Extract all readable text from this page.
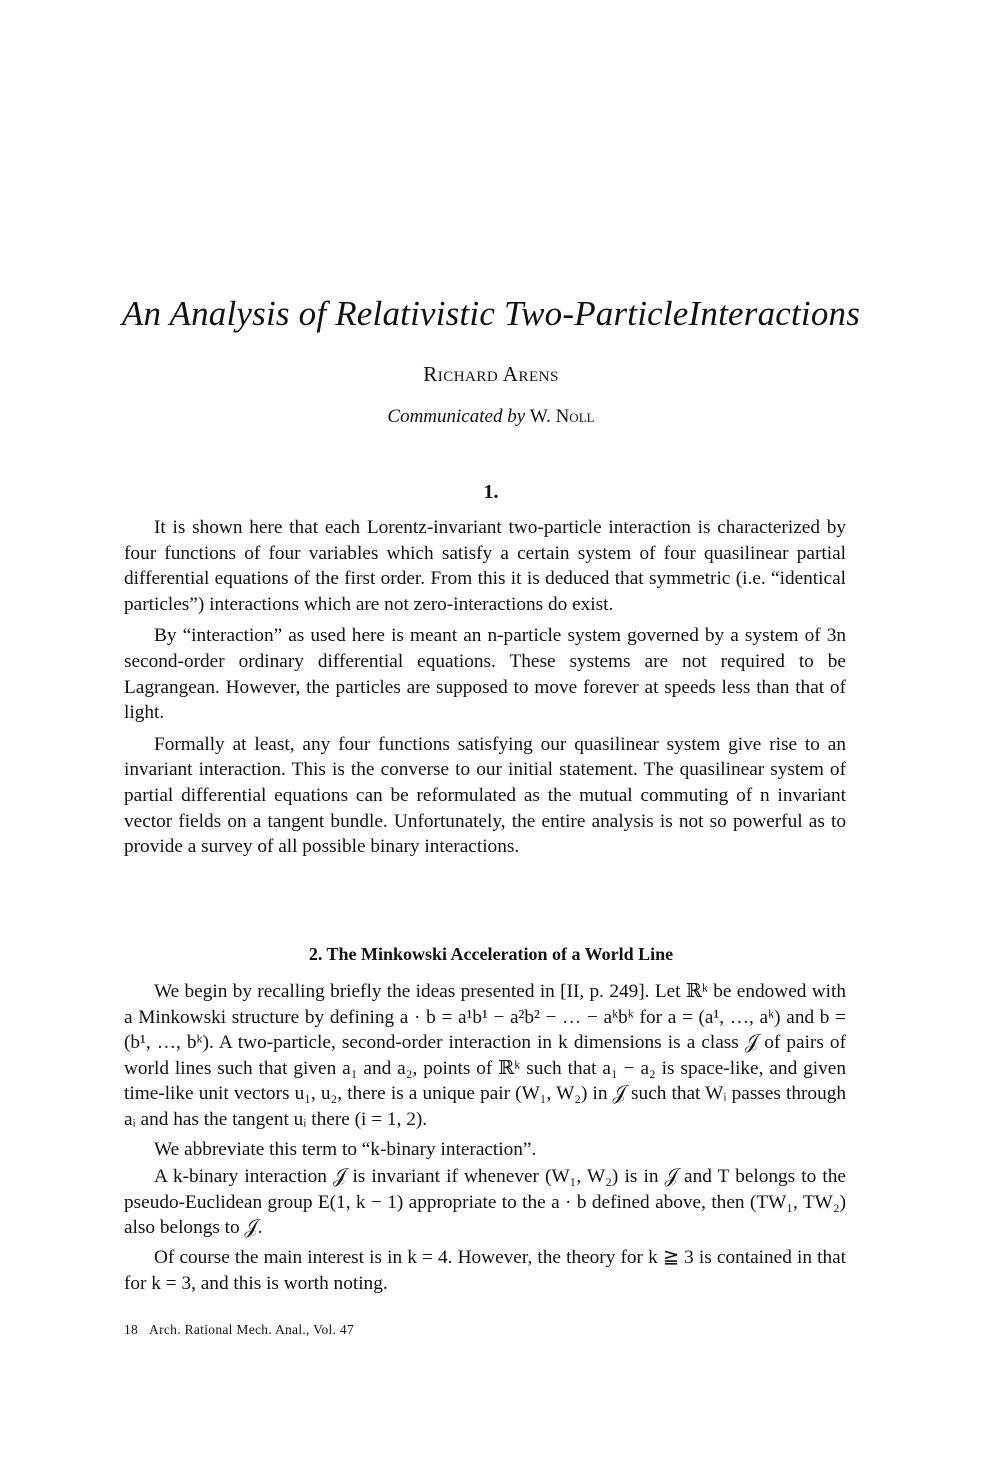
An Analysis of Relativistic Two-ParticleInteractions
Richard Arens
Communicated by W. Noll
1.

It is shown here that each Lorentz-invariant two-particle interaction is characterized by four functions of four variables which satisfy a certain system of four quasilinear partial differential equations of the first order. From this it is deduced that symmetric (i.e. “identical particles”) interactions which are not zero-interactions do exist.

By “interaction” as used here is meant an n-particle system governed by a system of 3n second-order ordinary differential equations. These systems are not required to be Lagrangean. However, the particles are supposed to move forever at speeds less than that of light.

Formally at least, any four functions satisfying our quasilinear system give rise to an invariant interaction. This is the converse to our initial statement. The quasilinear system of partial differential equations can be reformulated as the mutual commuting of n invariant vector fields on a tangent bundle. Unfortunately, the entire analysis is not so powerful as to provide a survey of all possible binary interactions.

2. The Minkowski Acceleration of a World Line

We begin by recalling briefly the ideas presented in [II, p. 249]. Let ℝᵏ be endowed with a Minkowski structure by defining a · b = a¹b¹ − a²b² − … − aᵏbᵏ for a = (a¹, …, aᵏ) and b = (b¹, …, bᵏ). A two-particle, second-order interaction in k dimensions is a class 𝒥 of pairs of world lines such that given a₁ and a₂, points of ℝᵏ such that a₁ − a₂ is space-like, and given time-like unit vectors u₁, u₂, there is a unique pair (W₁, W₂) in 𝒥 such that Wᵢ passes through aᵢ and has the tangent uᵢ there (i = 1, 2).

We abbreviate this term to “k-binary interaction”.

A k-binary interaction 𝒥 is invariant if whenever (W₁, W₂) is in 𝒥 and T belongs to the pseudo-Euclidean group E(1, k − 1) appropriate to the a · b defined above, then (TW₁, TW₂) also belongs to 𝒥.

Of course the main interest is in k = 4. However, the theory for k ≧ 3 is contained in that for k = 3, and this is worth noting.

18 Arch. Rational Mech. Anal., Vol. 47
